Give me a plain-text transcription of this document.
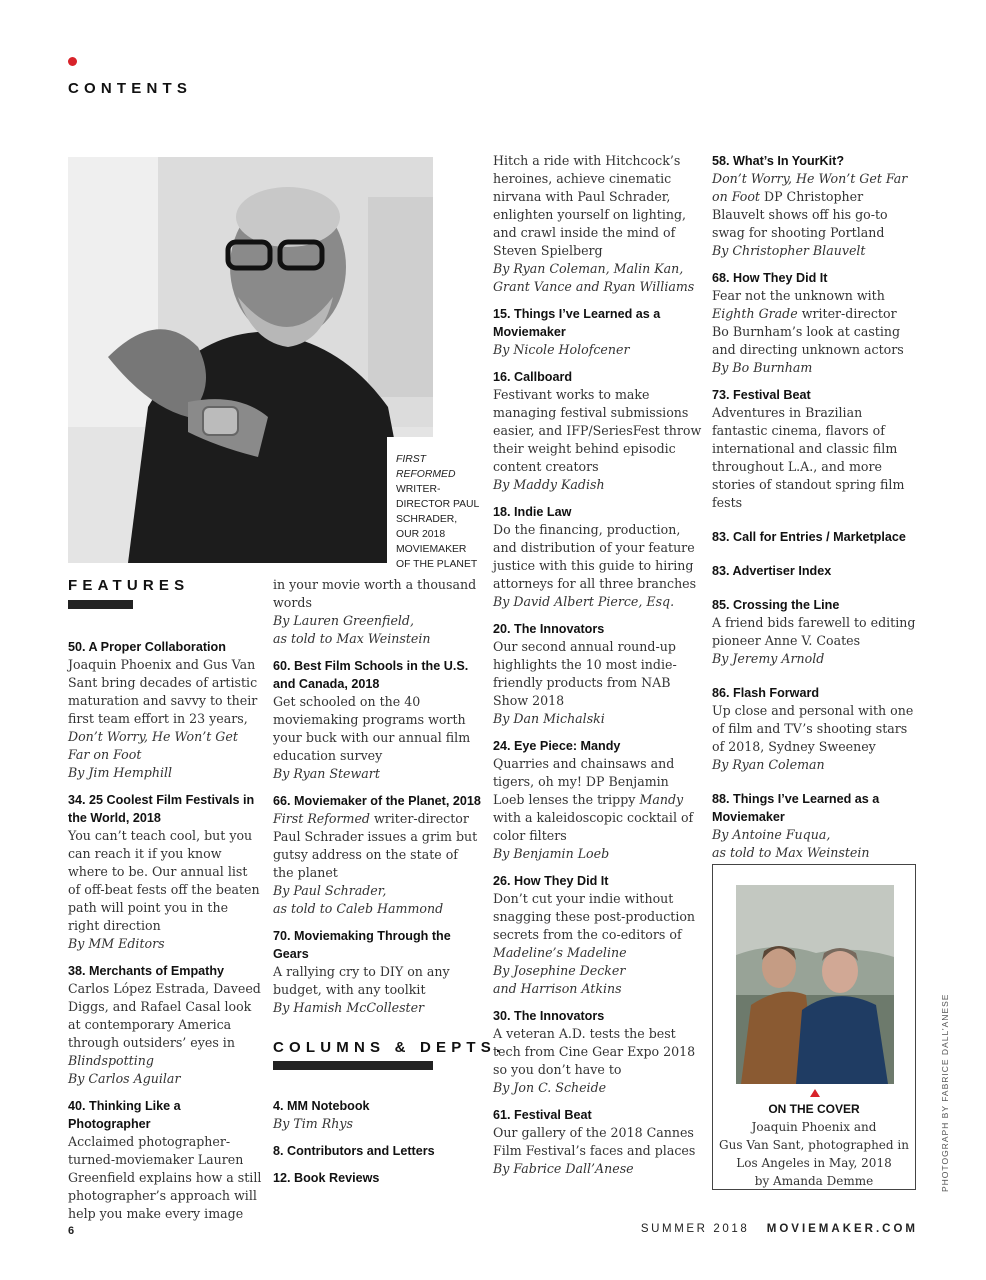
CONTENTS
FIRST REFORMED
WRITER-DIRECTOR PAUL SCHRADER, OUR 2018 MOVIEMAKER OF THE PLANET
FEATURES
50. A Proper Collaboration

Joaquin Phoenix and Gus Van Sant bring decades of artistic maturation and savvy to their first team effort in 23 years, Don’t Worry, He Won’t Get Far on Foot

By Jim Hemphill

34. 25 Coolest Film Festivals in the World, 2018

You can’t teach cool, but you can reach it if you know where to be. Our annual list of off-beat fests off the beaten path will point you in the right direction

By MM Editors

38. Merchants of Empathy

Carlos López Estrada, Daveed Diggs, and Rafael Casal look at contemporary America through outsiders’ eyes in Blindspotting

By Carlos Aguilar

40. Thinking Like a Photographer

Acclaimed photographer-turned-moviemaker Lauren Greenfield explains how a still photographer’s approach will help you make every image

in your movie worth a thousand words

By Lauren Greenfield,

as told to Max Weinstein

60. Best Film Schools in the U.S. and Canada, 2018

Get schooled on the 40 moviemaking programs worth your buck with our annual film education survey

By Ryan Stewart

66. Moviemaker of the Planet, 2018

First Reformed writer-director Paul Schrader issues a grim but gutsy address on the state of the planet

By Paul Schrader,

as told to Caleb Hammond

70. Moviemaking Through the Gears

A rallying cry to DIY on any budget, with any toolkit

By Hamish McCollester

COLUMNS & DEPTS.
4. MM Notebook

By Tim Rhys

8. Contributors and Letters
12. Book Reviews

Hitch a ride with Hitchcock’s heroines, achieve cinematic nirvana with Paul Schrader, enlighten yourself on lighting, and crawl inside the mind of Steven Spielberg

By Ryan Coleman, Malin Kan, Grant Vance and Ryan Williams

15. Things I’ve Learned as a Moviemaker

By Nicole Holofcener

16. Callboard

Festivant works to make managing festival submissions easier, and IFP/SeriesFest throw their weight behind episodic content creators

By Maddy Kadish

18. Indie Law

Do the financing, production, and distribution of your feature justice with this guide to hiring attorneys for all three branches

By David Albert Pierce, Esq.

20. The Innovators

Our second annual round-up highlights the 10 most indie-friendly products from NAB Show 2018

By Dan Michalski

24. Eye Piece: Mandy

Quarries and chainsaws and tigers, oh my! DP Benjamin Loeb lenses the trippy Mandy with a kaleidoscopic cocktail of color filters

By Benjamin Loeb

26. How They Did It

Don’t cut your indie without snagging these post-production secrets from the co-editors of Madeline’s Madeline

By Josephine Decker

and Harrison Atkins

30. The Innovators

A veteran A.D. tests the best tech from Cine Gear Expo 2018 so you don’t have to

By Jon C. Scheide

61. Festival Beat

Our gallery of the 2018 Cannes Film Festival’s faces and places

By Fabrice Dall’Anese

58. What’s In YourKit?

Don’t Worry, He Won’t Get Far on Foot DP Christopher Blauvelt shows off his go-to swag for shooting Portland

By Christopher Blauvelt

68. How They Did It

Fear not the unknown with Eighth Grade writer-director Bo Burnham’s look at casting and directing unknown actors

By Bo Burnham

73. Festival Beat

Adventures in Brazilian fantastic cinema, flavors of international and classic film throughout L.A., and more stories of standout spring film fests

83. Call for Entries / Marketplace
83. Advertiser Index
85. Crossing the Line

A friend bids farewell to editing pioneer Anne V. Coates

By Jeremy Arnold

86. Flash Forward

Up close and personal with one of film and TV’s shooting stars of 2018, Sydney Sweeney

By Ryan Coleman

88. Things I’ve Learned as a Moviemaker

By Antoine Fuqua,

as told to Max Weinstein

ON THE COVER
Joaquin Phoenix and
Gus Van Sant, photographed in
Los Angeles in May, 2018
by Amanda Demme	PHOTOGRAPH BY FABRICE DALL’ANESE
6	SUMMER 2018 MOVIEMAKER.COM
